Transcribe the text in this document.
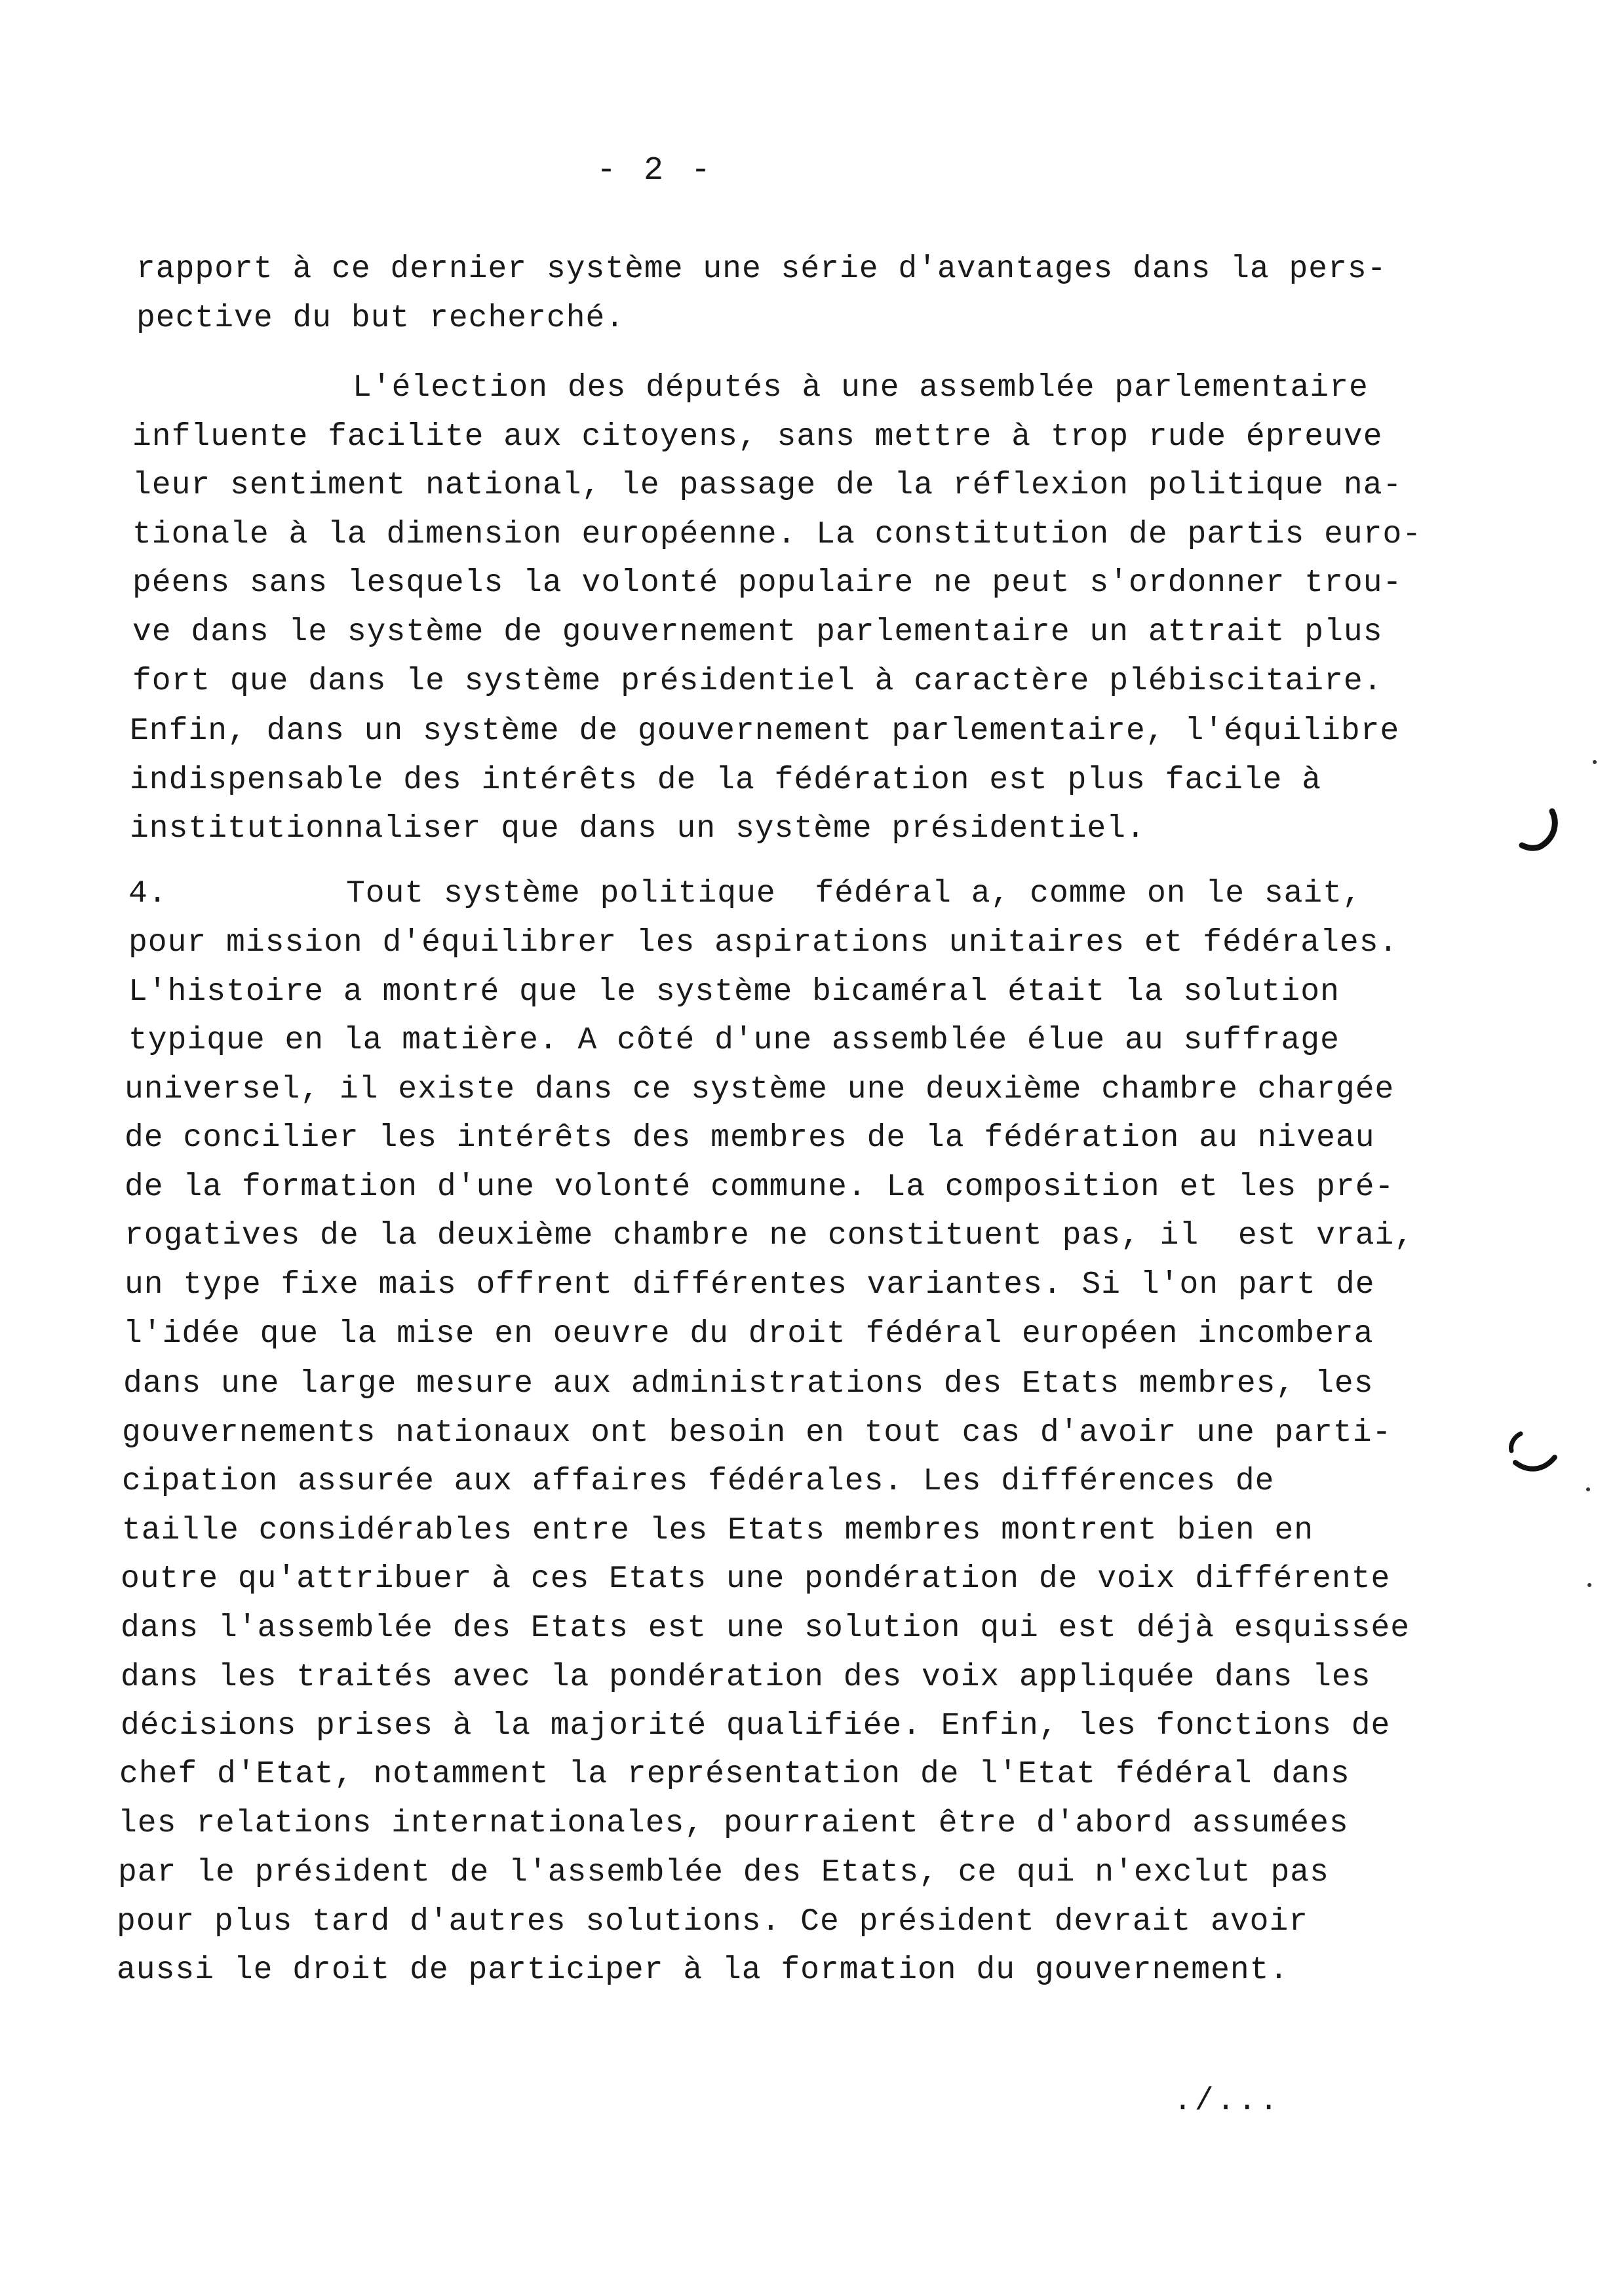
- 2 -
rapport à ce dernier système une série d'avantages dans la pers-
pective du but recherché.
L'élection des députés à une assemblée parlementaire
influente facilite aux citoyens, sans mettre à trop rude épreuve
leur sentiment national, le passage de la réflexion politique na-
tionale à la dimension européenne. La constitution de partis euro-
péens sans lesquels la volonté populaire ne peut s'ordonner trou-
ve dans le système de gouvernement parlementaire un attrait plus
fort que dans le système présidentiel à caractère plébiscitaire.
Enfin, dans un système de gouvernement parlementaire, l'équilibre
indispensable des intérêts de la fédération est plus facile à
institutionnaliser que dans un système présidentiel.
4.	Tout système politique  fédéral a, comme on le sait,
pour mission d'équilibrer les aspirations unitaires et fédérales.
L'histoire a montré que le système bicaméral était la solution
typique en la matière. A côté d'une assemblée élue au suffrage
universel, il existe dans ce système une deuxième chambre chargée
de concilier les intérêts des membres de la fédération au niveau
de la formation d'une volonté commune. La composition et les pré-
rogatives de la deuxième chambre ne constituent pas, il  est vrai,
un type fixe mais offrent différentes variantes. Si l'on part de
l'idée que la mise en oeuvre du droit fédéral européen incombera
dans une large mesure aux administrations des Etats membres, les
gouvernements nationaux ont besoin en tout cas d'avoir une parti-
cipation assurée aux affaires fédérales. Les différences de
taille considérables entre les Etats membres montrent bien en
outre qu'attribuer à ces Etats une pondération de voix différente
dans l'assemblée des Etats est une solution qui est déjà esquissée
dans les traités avec la pondération des voix appliquée dans les
décisions prises à la majorité qualifiée. Enfin, les fonctions de
chef d'Etat, notamment la représentation de l'Etat fédéral dans
les relations internationales, pourraient être d'abord assumées
par le président de l'assemblée des Etats, ce qui n'exclut pas
pour plus tard d'autres solutions. Ce président devrait avoir
aussi le droit de participer à la formation du gouvernement.
./...
